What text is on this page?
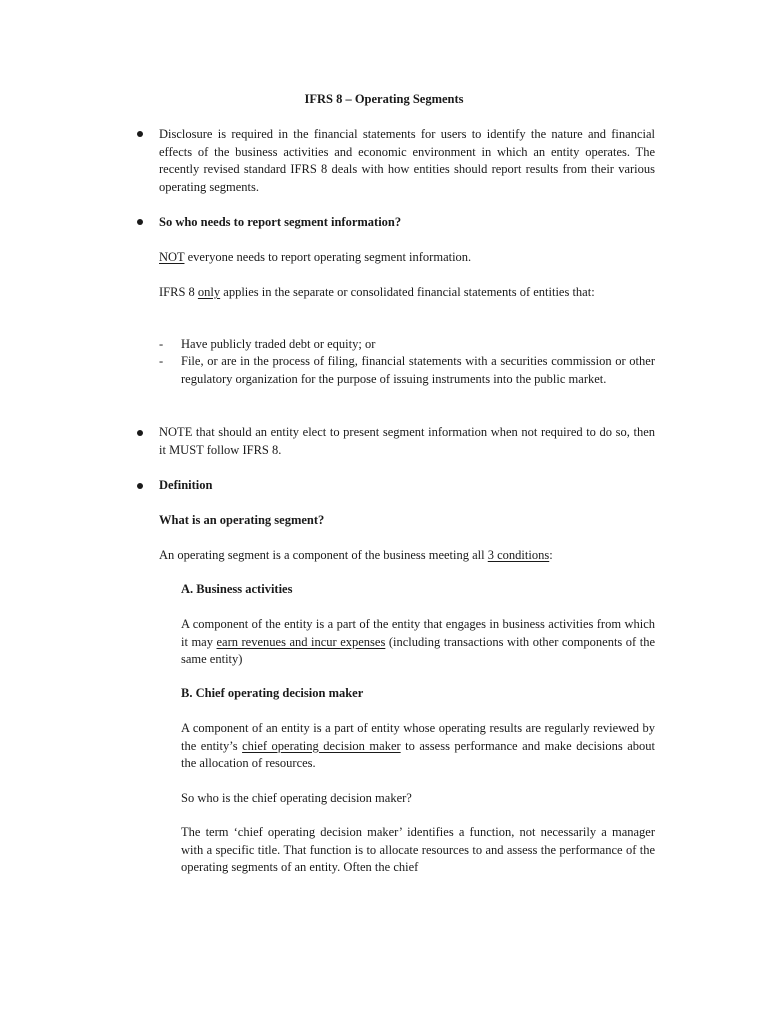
IFRS 8 – Operating Segments
Disclosure is required in the financial statements for users to identify the nature and financial effects of the business activities and economic environment in which an entity operates. The recently revised standard IFRS 8 deals with how entities should report results from their various operating segments.
So who needs to report segment information?
NOT everyone needs to report operating segment information.
IFRS 8 only applies in the separate or consolidated financial statements of entities that:
- Have publicly traded debt or equity; or
- File, or are in the process of filing, financial statements with a securities commission or other regulatory organization for the purpose of issuing instruments into the public market.
NOTE that should an entity elect to present segment information when not required to do so, then it MUST follow IFRS 8.
Definition
What is an operating segment?
An operating segment is a component of the business meeting all 3 conditions:
A. Business activities
A component of the entity is a part of the entity that engages in business activities from which it may earn revenues and incur expenses (including transactions with other components of the same entity)
B. Chief operating decision maker
A component of an entity is a part of entity whose operating results are regularly reviewed by the entity’s chief operating decision maker to assess performance and make decisions about the allocation of resources.
So who is the chief operating decision maker?
The term ‘chief operating decision maker’ identifies a function, not necessarily a manager with a specific title. That function is to allocate resources to and assess the performance of the operating segments of an entity. Often the chief
